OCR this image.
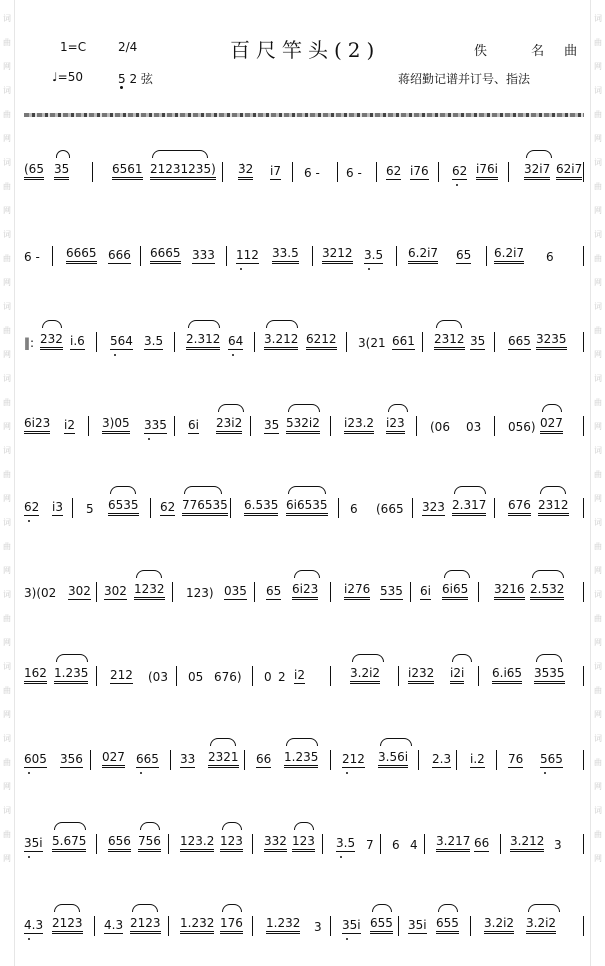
词
曲
网
词
曲
网
词
曲
网
词
曲
网
词
曲
网
词
曲
网
词
曲
网
词
曲
网
词
曲
网
词
曲
网
词
曲
网
词
曲
网
词
曲
网
词
曲
网
词
曲
网
词
曲
网
词
曲
网
词
曲
网
词
曲
网
词
曲
网
词
曲
网
词
曲
网
词
曲
网
词
曲
网
1=C	2/4	百尺竿头(2)	佚 名曲
♩=50	5 2 弦	蒋绍勤记谱并订号、指法
(65 35	6561 21231235) 3̇2 i7 6 - 6 - 62 i76 62 i76i 32i7 62i7
6 - 6665 666 6665 333 112 33.5 3212 3.5 6.2i7 65 6.2i7 6
‖: 232 i.6 564 3.5 2.312 64 3.212 6212 3(21 661 2312 35 665 3235
6i23 i2 3)05 335 6i 23i2 35 532i2 i23.2 i23 (06 03 056) 027
62 i3 5 6535 62 776535 6.535 6i6535 6 (665 323 2.317 676 2312
3)(02 302 302 1232 123) 035 65 6i23 i276 535 6i 6i65 3216 2.532
162 1.235 212 (03 05 676) 0 2 i2	3.2i2 i232 i2i 6.i65 3535
605 356 027 665 33 2321 66 1.235 212 3.56i 2.3 i.2 76 565
35i 5.675 656 756 123.2 123 332 123 3.5 7 6 4 3.217 66 3.212 3
4.3 2123 4.3 2123 1.232 176 1.232 3 35i 655 35i 655 3.2i2 3.2i2
